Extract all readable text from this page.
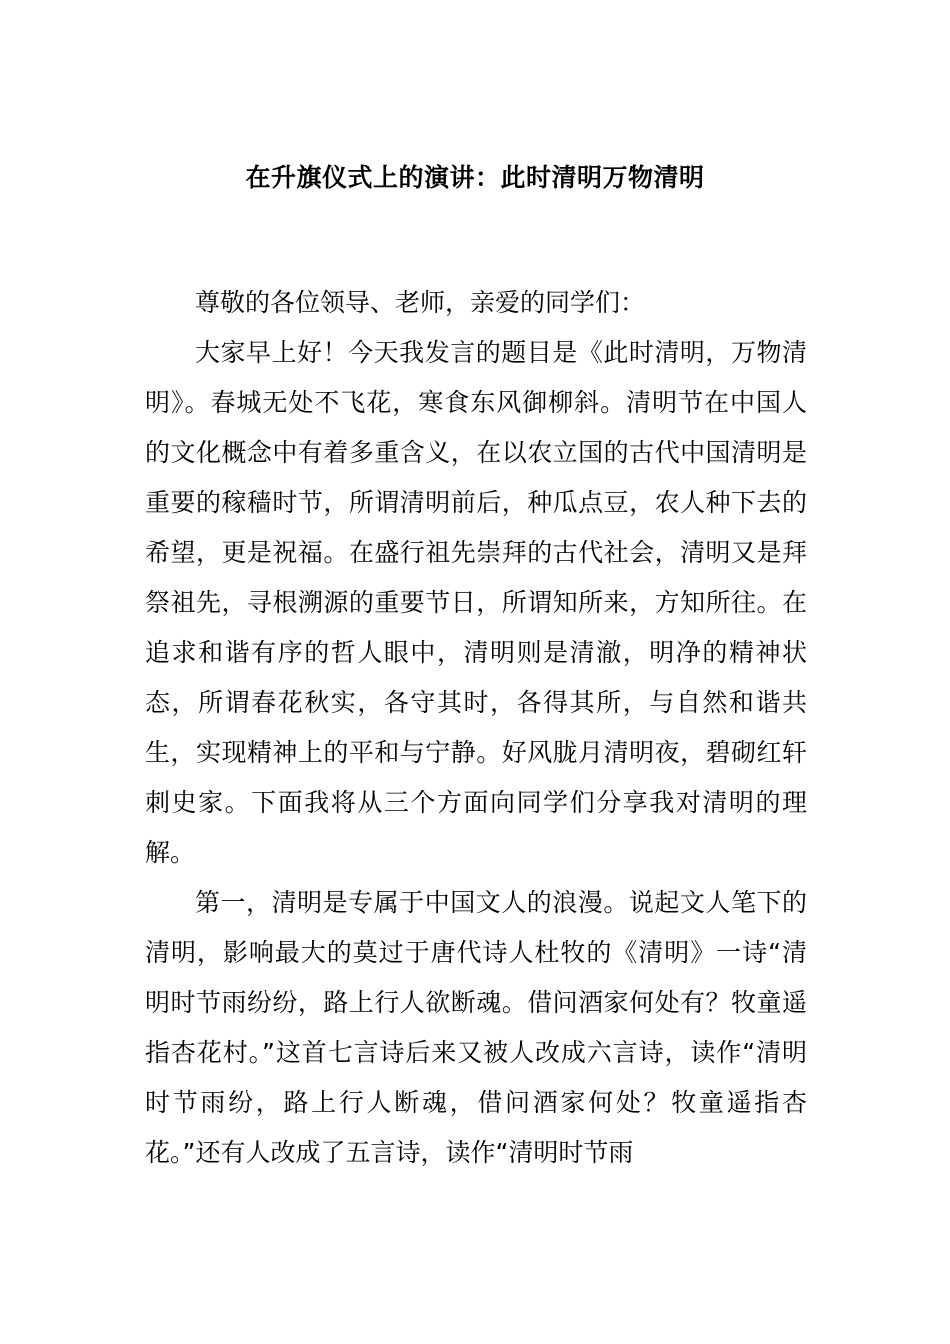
在升旗仪式上的演讲：此时清明万物清明

尊敬的各位领导、老师，亲爱的同学们：

大家早上好！今天我发言的题目是《此时清明，万物清明》。春城无处不飞花，寒食东风御柳斜。清明节在中国人的文化概念中有着多重含义，在以农立国的古代中国清明是重要的稼穑时节，所谓清明前后，种瓜点豆，农人种下去的希望，更是祝福。在盛行祖先崇拜的古代社会，清明又是拜祭祖先，寻根溯源的重要节日，所谓知所来，方知所往。在追求和谐有序的哲人眼中，清明则是清澈，明净的精神状态，所谓春花秋实，各守其时，各得其所，与自然和谐共生，实现精神上的平和与宁静。好风胧月清明夜，碧砌红轩刺史家。下面我将从三个方面向同学们分享我对清明的理解。

第一，清明是专属于中国文人的浪漫。说起文人笔下的清明，影响最大的莫过于唐代诗人杜牧的《清明》一诗“清明时节雨纷纷，路上行人欲断魂。借问酒家何处有？牧童遥指杏花村。”这首七言诗后来又被人改成六言诗，读作“清明时节雨纷，路上行人断魂，借问酒家何处？牧童遥指杏花。”还有人改成了五言诗，读作“清明时节雨
